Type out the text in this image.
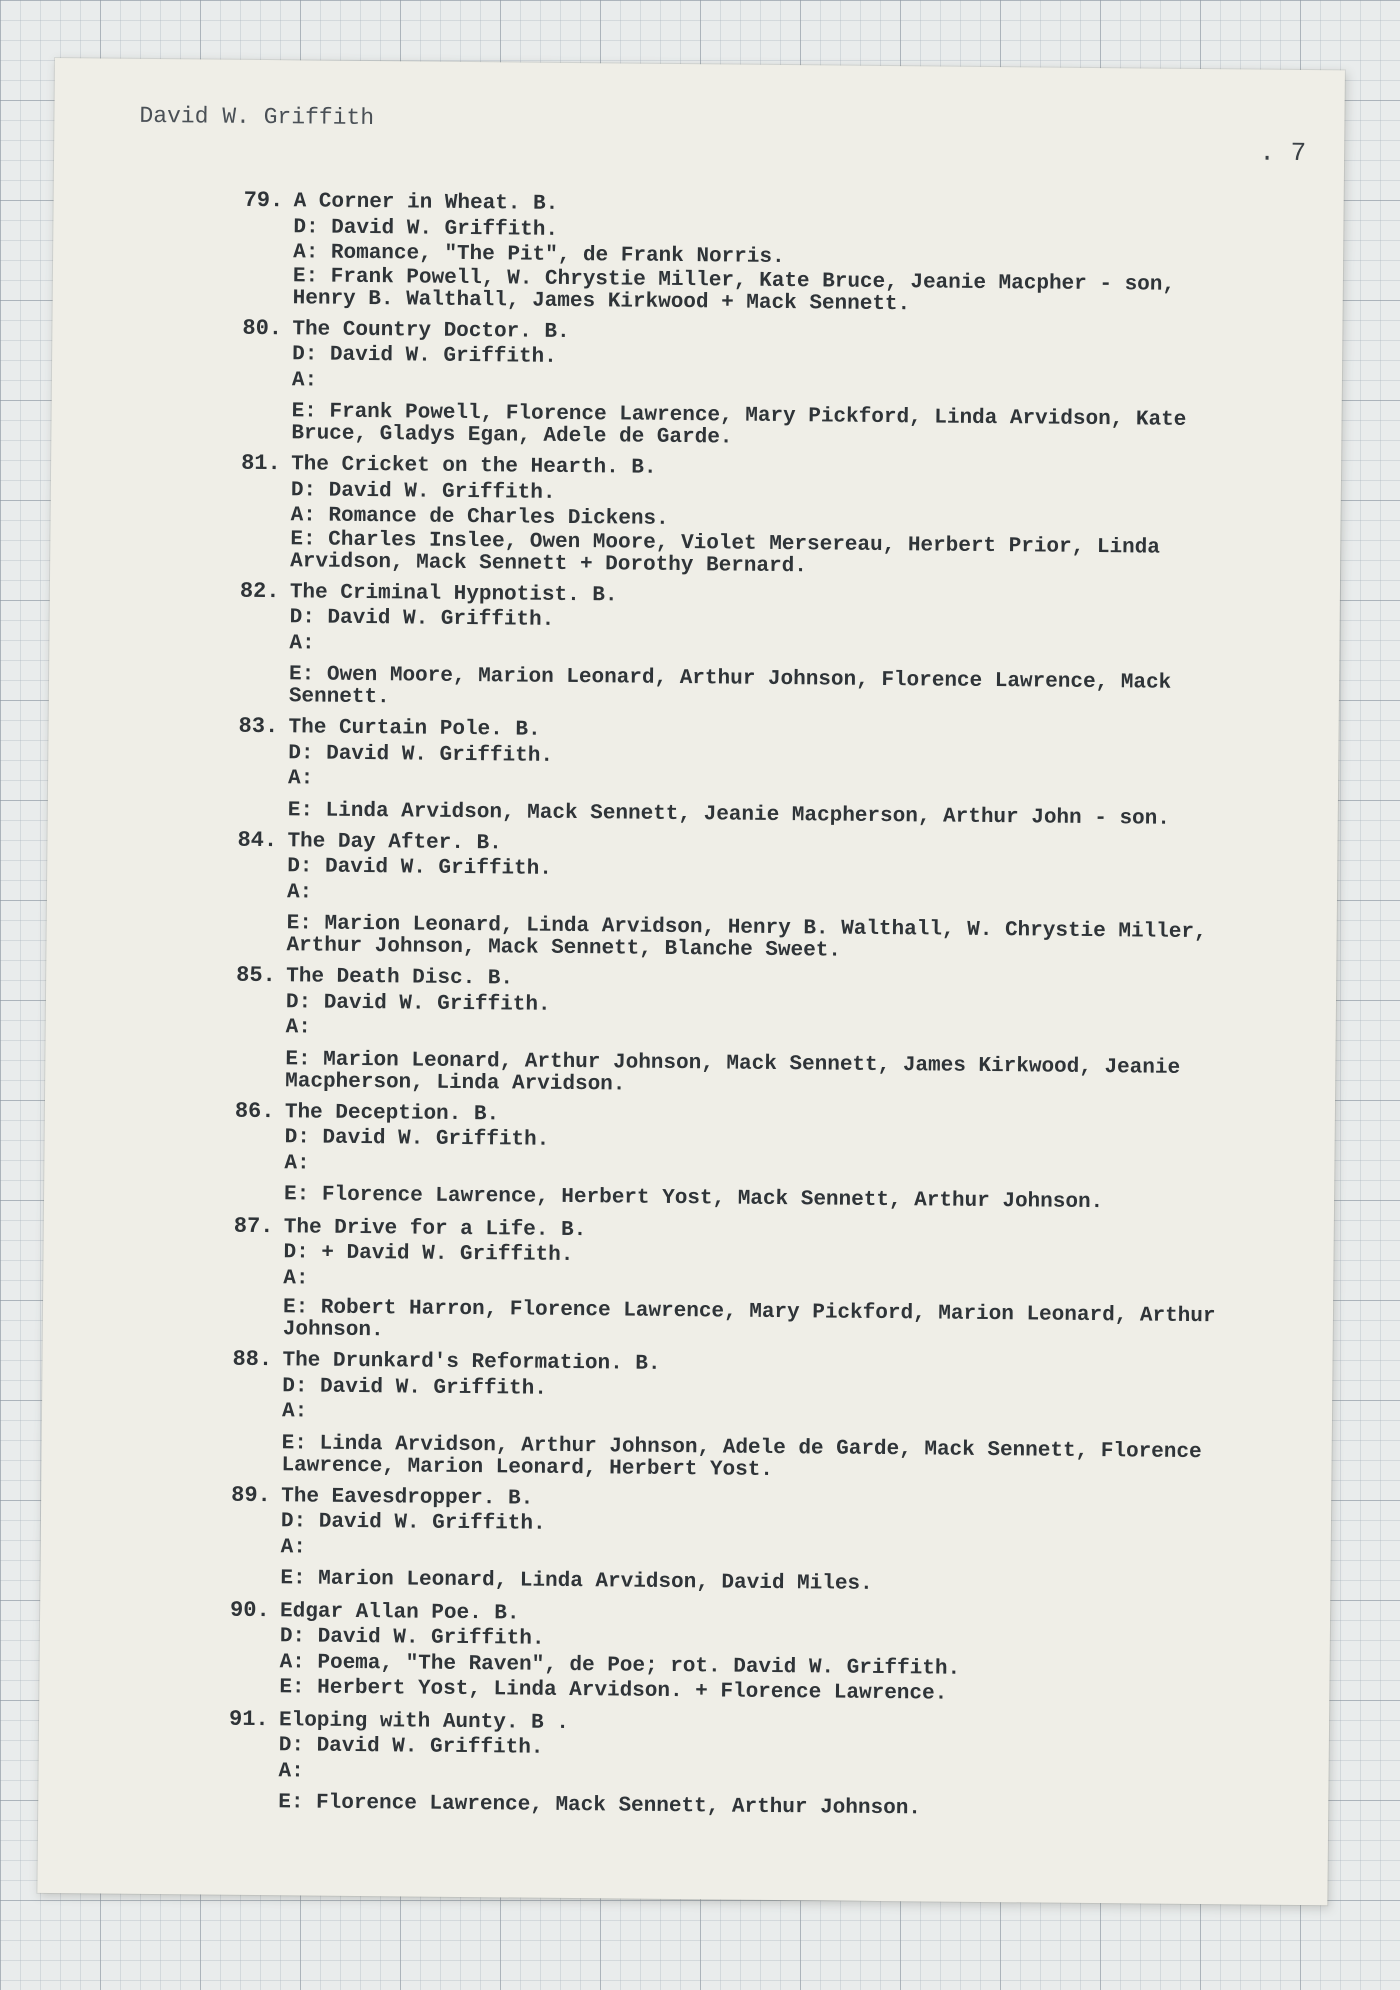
David W. Griffith
. 7
79. A Corner in Wheat. B.
D: David W. Griffith.
A: Romance, "The Pit", de Frank Norris.
E: Frank Powell, W. Chrystie Miller, Kate Bruce, Jeanie Macpher - son, Henry B. Walthall, James Kirkwood + Mack Sennett.
80. The Country Doctor. B.
D: David W. Griffith.
A:
E: Frank Powell, Florence Lawrence, Mary Pickford, Linda Arvidson, Kate Bruce, Gladys Egan, Adele de Garde.
81. The Cricket on the Hearth. B.
D: David W. Griffith.
A: Romance de Charles Dickens.
E: Charles Inslee, Owen Moore, Violet Mersereau, Herbert Prior, Linda Arvidson, Mack Sennett + Dorothy Bernard.
82. The Criminal Hypnotist. B.
D: David W. Griffith.
A:
E: Owen Moore, Marion Leonard, Arthur Johnson, Florence Lawrence, Mack Sennett.
83. The Curtain Pole. B.
D: David W. Griffith.
A:
E: Linda Arvidson, Mack Sennett, Jeanie Macpherson, Arthur John - son.
84. The Day After. B.
D: David W. Griffith.
A:
E: Marion Leonard, Linda Arvidson, Henry B. Walthall, W. Chrystie Miller, Arthur Johnson, Mack Sennett, Blanche Sweet.
85. The Death Disc. B.
D: David W. Griffith.
A:
E: Marion Leonard, Arthur Johnson, Mack Sennett, James Kirkwood, Jeanie Macpherson, Linda Arvidson.
86. The Deception. B.
D: David W. Griffith.
A:
E: Florence Lawrence, Herbert Yost, Mack Sennett, Arthur Johnson.
87. The Drive for a Life. B.
D: + David W. Griffith.
A:
E: Robert Harron, Florence Lawrence, Mary Pickford, Marion Leonard, Arthur Johnson.
88. The Drunkard's Reformation. B.
D: David W. Griffith.
A:
E: Linda Arvidson, Arthur Johnson, Adele de Garde, Mack Sennett, Florence Lawrence, Marion Leonard, Herbert Yost.
89. The Eavesdropper. B.
D: David W. Griffith.
A:
E: Marion Leonard, Linda Arvidson, David Miles.
90. Edgar Allan Poe. B.
D: David W. Griffith.
A: Poema, "The Raven", de Poe; rot. David W. Griffith.
E: Herbert Yost, Linda Arvidson. + Florence Lawrence.
91. Eloping with Aunty. B .
D: David W. Griffith.
A:
E: Florence Lawrence, Mack Sennett, Arthur Johnson.
